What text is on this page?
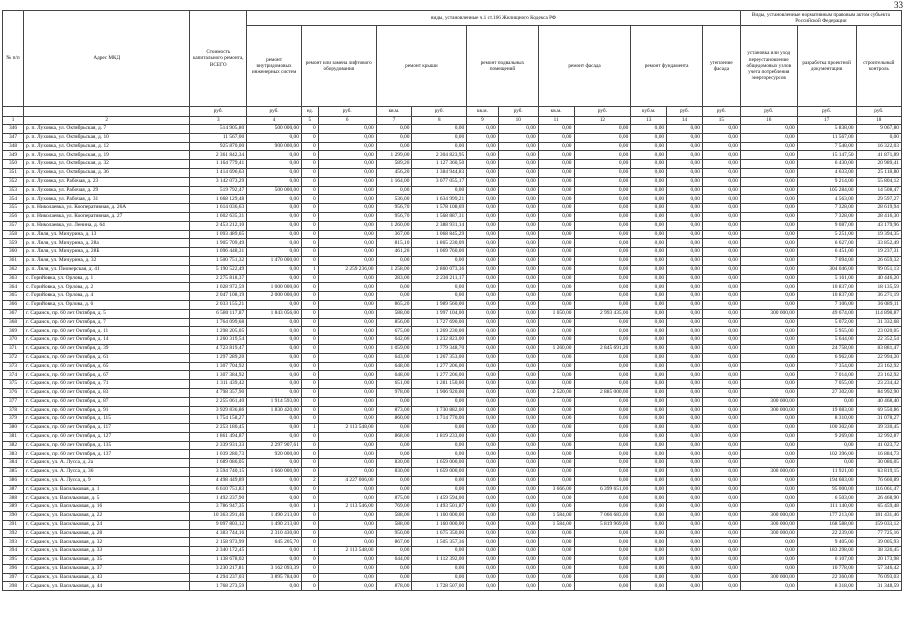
33
№ п/п	Адрес МКД	Стоимость капитального ремонта, ВСЕГО	виды, установленные ч.1 ст.166 Жилищного Кодекса РФ												Виды, установленные нормативным правовым актом субъекта Российской Федерации		
			ремонт внутридомовых инженерных систем	ремонт или замена лифтового оборудования		ремонт крыши		ремонт подвальных помещений		ремонт фасада		ремонт фундамента		утепление фасада	установка или уход переустановление общедомовых узлов учета потребления энергоресурсов	разработка проектной документации	строительный контроль
		руб.	руб.	ед.	руб.	кв.м.	руб.	кв.м.	руб.	кв.м.	руб.	куб.м.	руб.	руб.	руб.	руб.	руб.
1	2	3	4	5	6	7	8	9	10	11	12	13	14	15	16	17	18
346	р. п. Луховка, ул. Октябрьская, д. 7	514 905,80	500 000,00	0	0,00	0,00	0,00	0,00	0,00	0,00	0,00	0,00	0,00	0,00	0,00	5 838,00	9 067,80
347	р. п. Луховка, ул. Октябрьская, д. 10	11 567,00	0,00	0	0,00	0,00	0,00	0,00	0,00	0,00	0,00	0,00	0,00	0,00	0,00	11 567,00	0,00
348	р. п. Луховка, ул. Октябрьская, д. 12	925 870,00	900 000,00	0	0,00	0,00	0,00	0,00	0,00	0,00	0,00	0,00	0,00	0,00	0,00	7 548,00	16 322,03
349	р. п. Луховка, ул. Октябрьская, д. 19	2 361 842,34	0,00	0	0,00	1 299,00	2 304 823,95	0,00	0,00	0,00	0,00	0,00	0,00	0,00	0,00	15 147,50	41 871,89
350	р. п. Луховка, ул. Октябрьская, д. 32	1 164 779,41	0,00	0	0,00	589,20	1 127 360,50	0,00	0,00	0,00	0,00	0,00	0,00	0,00	0,00	6 430,00	20 989,41
351	р. п. Луховка, ул. Октябрьская, д. 36	1 414 696,63	0,00	0	0,00	456,20	1 384 944,83	0,00	0,00	0,00	0,00	0,00	0,00	0,00	0,00	4 633,00	25 118,80
352	р. п. Луховка, ул. Рабочая, д. 23	3 142 073,29	0,00	0	0,00	1 164,00	3 077 055,17	0,00	0,00	0,00	0,00	0,00	0,00	0,00	0,00	9 214,00	55 804,12
353	р. п. Луховка, ул. Рабочая, д. 29	519 792,47	500 000,00	0	0,00	0,00	0,00	0,00	0,00	0,00	0,00	0,00	0,00	0,00	0,00	105 284,00	14 508,47
354	р. п. Луховка, ул. Рабочая, д. 31	1 668 129,48	0,00	0	0,00	536,00	1 634 999,21	0,00	0,00	0,00	0,00	0,00	0,00	0,00	0,00	4 563,00	29 597,27
355	р. п. Николаевка, ул. Кооперативная, д. 26А	1 614 036,63	0,00	0	0,00	956,70	1 578 108,69	0,00	0,00	0,00	0,00	0,00	0,00	0,00	0,00	7 328,00	28 619,94
356	р. п. Николаевка, ул. Кооперативная, д. 27	1 602 635,31	0,00	0	0,00	956,70	1 568 887,31	0,00	0,00	0,00	0,00	0,00	0,00	0,00	0,00	7 328,00	28 416,30
357	р. п. Николаевка, ул. Ленина, д. 64	2 453 212,10	0,00	0	0,00	1 260,00	2 388 931,14	0,00	0,00	0,00	0,00	0,00	0,00	0,00	0,00	9 087,00	43 179,96
358	р. п. Ляля, ул. Мичурина, д. 13	1 093 489,65	0,00	0	0,00	367,00	1 068 845,29	0,00	0,00	0,00	0,00	0,00	0,00	0,00	0,00	5 251,00	19 394,35
359	р. п. Ляля, ул. Мичурина, д. 28а	1 905 709,49	0,00	0	0,00	815,10	1 865 230,09	0,00	0,00	0,00	0,00	0,00	0,00	0,00	0,00	6 627,00	33 852,49
360	р. п. Ляля, ул. Мичурина, д. 28Б	1 096 448,31	0,00	0	0,00	461,20	1 069 760,00	0,00	0,00	0,00	0,00	0,00	0,00	0,00	0,00	6 451,00	19 237,31
361	р. п. Ляля, ул. Мичурина, д. 32	1 500 751,32	1 470 000,00	0	0,00	0,00	0,00	0,00	0,00	0,00	0,00	0,00	0,00	0,00	0,00	7 094,00	26 659,32
362	р. п. Ляля, ул. Пионерская, д. 41	5 190 522,49	0,00	1	2 259 236,00	1 258,00	2 860 073,36	0,00	0,00	0,00	0,00	0,00	0,00	0,00	0,00	304 046,00	99 051,13
363	с. Горийовка, ул. Орлова, д. 1	2 275 818,37	0,00	0	0,00	283,00	2 230 211,17	0,00	0,00	0,00	0,00	0,00	0,00	0,00	0,00	5 161,00	40 446,20
364	с. Горийовка, ул. Орлова, д. 2	1 028 972,59	1 000 000,00	0	0,00	0,00	0,00	0,00	0,00	0,00	0,00	0,00	0,00	0,00	0,00	10 837,00	18 135,59
365	с. Горийовка, ул. Орлова, д. 4	2 047 108,19	2 000 000,00	0	0,00	0,00	0,00	0,00	0,00	0,00	0,00	0,00	0,00	0,00	0,00	10 837,00	36 271,19
366	с. Горийовка, ул. Орлова, д. 6	2 033 155,21	0,00	0	0,00	865,20	1 989 560,00	0,00	0,00	0,00	0,00	0,00	0,00	0,00	0,00	7 106,00	36 089,11
367	г. Саранск, пр. 60 лет Октября, д. 5	6 580 117,87	1 843 056,00	0	0,00	588,00	1 997 104,00	0,00	0,00	1 650,00	2 993 435,00	0,00	0,00	0,00	300 000,00	49 674,00	114 898,87
368	г. Саранск, пр. 60 лет Октября, д. 7	1 764 099,68	0,00	0	0,00	856,00	1 727 690,00	0,00	0,00	0,00	0,00	0,00	0,00	0,00	0,00	5 072,00	31 332,68
369	г. Саранск, пр. 60 лет Октября, д. 11	1 298 205,05	0,00	0	0,00	675,00	1 269 230,00	0,00	0,00	0,00	0,00	0,00	0,00	0,00	0,00	5 955,00	23 020,05
370	г. Саранск, пр. 60 лет Октября, д. 14	1 260 319,54	0,00	0	0,00	642,00	1 232 823,00	0,00	0,00	0,00	0,00	0,00	0,00	0,00	0,00	5 644,00	22 352,54
371	г. Саранск, пр. 60 лет Октября, д. 39	4 723 819,47	0,00	0	0,00	1 059,00	1 779 348,70	0,00	0,00	1 260,00	2 845 691,20	0,00	0,00	0,00	0,00	24 758,00	83 881,47
372	г. Саранск, пр. 60 лет Октября, д. 61	1 297 289,20	0,00	0	0,00	643,00	1 267 353,00	0,00	0,00	0,00	0,00	0,00	0,00	0,00	0,00	6 962,00	22 994,20
373	г. Саранск, пр. 60 лет Октября, д. 65	1 307 704,92	0,00	0	0,00	648,00	1 277 206,00	0,00	0,00	0,00	0,00	0,00	0,00	0,00	0,00	7 354,00	23 162,92
374	г. Саранск, пр. 60 лет Октября, д. 67	1 307 384,92	0,00	0	0,00	648,00	1 277 206,00	0,00	0,00	0,00	0,00	0,00	0,00	0,00	0,00	7 014,00	23 162,92
375	г. Саранск, пр. 60 лет Октября, д. 71	1 311 439,42	0,00	0	0,00	651,00	1 281 150,00	0,00	0,00	0,00	0,00	0,00	0,00	0,00	0,00	7 055,00	23 234,42
376	г. Саранск, пр. 60 лет Октября, д. 83	4 798 357,90	0,00	0	0,00	978,00	1 906 920,00	0,00	0,00	2 520,00	2 885 000,00	0,00	0,00	0,00	0,00	27 302,00	84 992,90
377	г. Саранск, пр. 60 лет Октября, д. 87	2 255 061,40	1 914 593,00	0	0,00	0,00	0,00	0,00	0,00	0,00	0,00	0,00	0,00	0,00	300 000,00	0,00	40 468,40
378	г. Саранск, пр. 60 лет Октября, д. 91	3 929 836,86	1 830 420,00	0	0,00	873,00	1 730 882,00	0,00	0,00	0,00	0,00	0,00	0,00	0,00	300 000,00	19 083,00	69 550,86
379	г. Саранск, пр. 60 лет Октября, д. 115	1 754 158,27	0,00	0	0,00	860,00	1 714 770,00	0,00	0,00	0,00	0,00	0,00	0,00	0,00	0,00	8 310,00	31 078,27
380	г. Саранск, пр. 60 лет Октября, д. 117	2 253 180,45	0,00	1	2 113 548,00	0,00	0,00	0,00	0,00	0,00	0,00	0,00	0,00	0,00	0,00	100 302,00	39 330,45
381	г. Саранск, пр. 60 лет Октября, д. 127	1 861 494,87	0,00	0	0,00	868,00	1 819 233,00	0,00	0,00	0,00	0,00	0,00	0,00	0,00	0,00	9 269,00	32 992,87
382	г. Саранск, пр. 60 лет Октября, д. 135	2 339 931,33	2 297 907,61	0	0,00	0,00	0,00	0,00	0,00	0,00	0,00	0,00	0,00	0,00	0,00	0,00	41 023,72
383	г. Саранск, пр. 60 лет Октября, д. 137	1 039 280,73	920 000,00	0	0,00	0,00	0,00	0,00	0,00	0,00	0,00	0,00	0,00	0,00	0,00	102 396,00	16 884,73
384	г. Саранск, ул. А. Лусса, д. 2а	1 689 086,05	0,00	0	0,00	830,00	1 659 000,00	0,00	0,00	0,00	0,00	0,00	0,00	0,00	0,00	0,00	30 086,05
385	г. Саранск, ул. А. Лусса, д. 36	3 594 740,15	1 660 000,00	0	0,00	830,00	1 659 000,00	0,00	0,00	0,00	0,00	0,00	0,00	0,00	300 000,00	11 921,00	63 819,15
386	г. Саранск, ул. А. Лусса, д. 9	4 498 449,89	0,00	2	4 227 006,00	0,00	0,00	0,00	0,00	0,00	0,00	0,00	0,00	0,00	0,00	194 683,00	76 660,89
387	г. Саранск, ул. Васильковая, д. 1	6 610 751,83	0,00	0	0,00	0,00	0,00	0,00	0,00	3 666,00	6 399 651,00	0,00	0,00	0,00	0,00	95 000,00	116 061,47
388	г. Саранск, ул. Васильковая, д. 5	1 492 237,90	0,00	0	0,00	875,00	1 459 594,00	0,00	0,00	0,00	0,00	0,00	0,00	0,00	0,00	6 503,00	26 468,90
389	г. Саранск, ул. Васильковая, д. 16	3 786 947,35	0,00	1	2 113 546,00	769,00	1 493 501,87	0,00	0,00	0,00	0,00	0,00	0,00	0,00	0,00	111 140,00	65 459,48
390	г. Саранск, ул. Васильковая, д. 22	10 363 291,46	1 490 213,00	0	0,00	588,00	1 160 000,00	0,00	0,00	1 584,00	7 066 683,00	0,00	0,00	0,00	300 000,00	177 213,00	181 431,46
391	г. Саранск, ул. Васильковая, д. 24	9 097 803,12	1 490 213,00	0	0,00	588,00	1 160 000,00	0,00	0,00	1 584,00	5 819 969,00	0,00	0,00	0,00	300 000,00	168 588,00	159 033,12
392	г. Саранск, ул. Васильковая, д. 28	4 383 744,16	2 310 430,00	0	0,00	950,00	1 675 350,00	0,00	0,00	0,00	0,00	0,00	0,00	0,00	300 000,00	22 239,00	77 725,16
393	г. Саранск, ул. Васильковая, д. 32	2 158 973,99	645 205,70	0	0,00	867,00	1 505 357,36	0,00	0,00	0,00	0,00	0,00	0,00	0,00	0,00	9 405,00	39 005,93
394	г. Саранск, ул. Васильковая, д. 33	2 340 172,45	0,00	1	2 113 548,00	0,00	0,00	0,00	0,00	0,00	0,00	0,00	0,00	0,00	0,00	183 298,00	38 326,45
395	г. Саранск, ул. Васильковая, д. 35	1 138 678,02	0,00	0	0,00	644,00	1 112 392,00	0,00	0,00	0,00	0,00	0,00	0,00	0,00	0,00	6 107,00	20 173,98
396	г. Саранск, ул. Васильковая, д. 37	3 230 217,81	3 162 093,39	0	0,00	0,00	0,00	0,00	0,00	0,00	0,00	0,00	0,00	0,00	0,00	10 778,00	57 346,42
397	г. Саранск, ул. Васильковая, д. 43	4 294 237,03	3 895 784,00	0	0,00	0,00	0,00	0,00	0,00	0,00	0,00	0,00	0,00	0,00	300 000,00	22 360,00	76 093,03
398	г. Саранск, ул. Васильковая, д. 44	1 768 273,59	0,00	0	0,00	878,00	1 728 507,00	0,00	0,00	0,00	0,00	0,00	0,00	0,00	0,00	8 318,00	31 348,59
